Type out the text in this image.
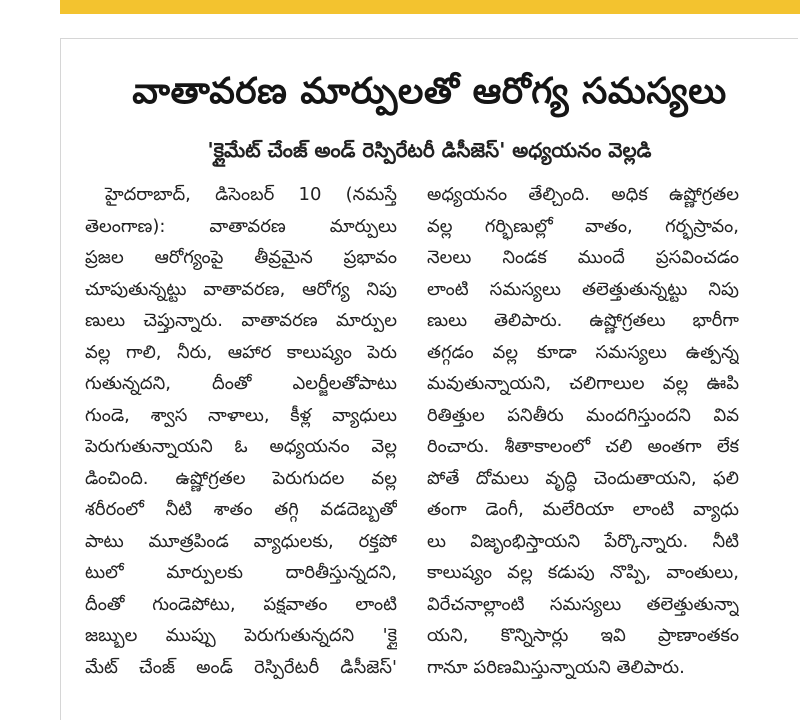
వాతావరణ మార్పులతో ఆరోగ్య సమస్యలు
'క్లైమేట్ చేంజ్ అండ్ రెస్పిరేటరీ డిసీజెస్' అధ్యయనం వెల్లడి
హైదరాబాద్, డిసెంబర్ 10 (నమస్తే
తెలంగాణ): వాతావరణ మార్పులు
ప్రజల ఆరోగ్యంపై తీవ్రమైన ప్రభావం
చూపుతున్నట్టు వాతావరణ, ఆరోగ్య నిపు
ణులు చెప్తున్నారు. వాతావరణ మార్పుల
వల్ల గాలి, నీరు, ఆహార కాలుష్యం పెరు
గుతున్నదని, దీంతో ఎలర్జీలతోపాటు
గుండె, శ్వాస నాళాలు, కీళ్ల వ్యాధులు
పెరుగుతున్నాయని ఓ అధ్యయనం వెల్ల
డించింది. ఉష్ణోగ్రతల పెరుగుదల వల్ల
శరీరంలో నీటి శాతం తగ్గి వడదెబ్బతో
పాటు మూత్రపిండ వ్యాధులకు, రక్తపో
టులో మార్పులకు దారితీస్తున్నదని,
దీంతో గుండెపోటు, పక్షవాతం లాంటి
జబ్బుల ముప్పు పెరుగుతున్నదని 'క్లై
మేట్ చేంజ్ అండ్ రెస్పిరేటరీ డిసీజెస్'
అధ్యయనం తేల్చింది. అధిక ఉష్ణోగ్రతల
వల్ల గర్భిణుల్లో వాతం, గర్భస్రావం,
నెలలు నిండక ముందే ప్రసవించడం
లాంటి సమస్యలు తలెత్తుతున్నట్టు నిపు
ణులు తెలిపారు. ఉష్ణోగ్రతలు భారీగా
తగ్గడం వల్ల కూడా సమస్యలు ఉత్పన్న
మవుతున్నాయని, చలిగాలుల వల్ల ఊపి
రితిత్తుల పనితీరు మందగిస్తుందని వివ
రించారు. శీతాకాలంలో చలి అంతగా లేక
పోతే దోమలు వృద్ధి చెందుతాయని, ఫలి
తంగా డెంగీ, మలేరియా లాంటి వ్యాధు
లు విజృంభిస్తాయని పేర్కొన్నారు. నీటి
కాలుష్యం వల్ల కడుపు నొప్పి, వాంతులు,
విరేచనాల్లాంటి సమస్యలు తలెత్తుతున్నా
యని, కొన్నిసార్లు ఇవి ప్రాణాంతకం
గానూ పరిణమిస్తున్నాయని తెలిపారు.
